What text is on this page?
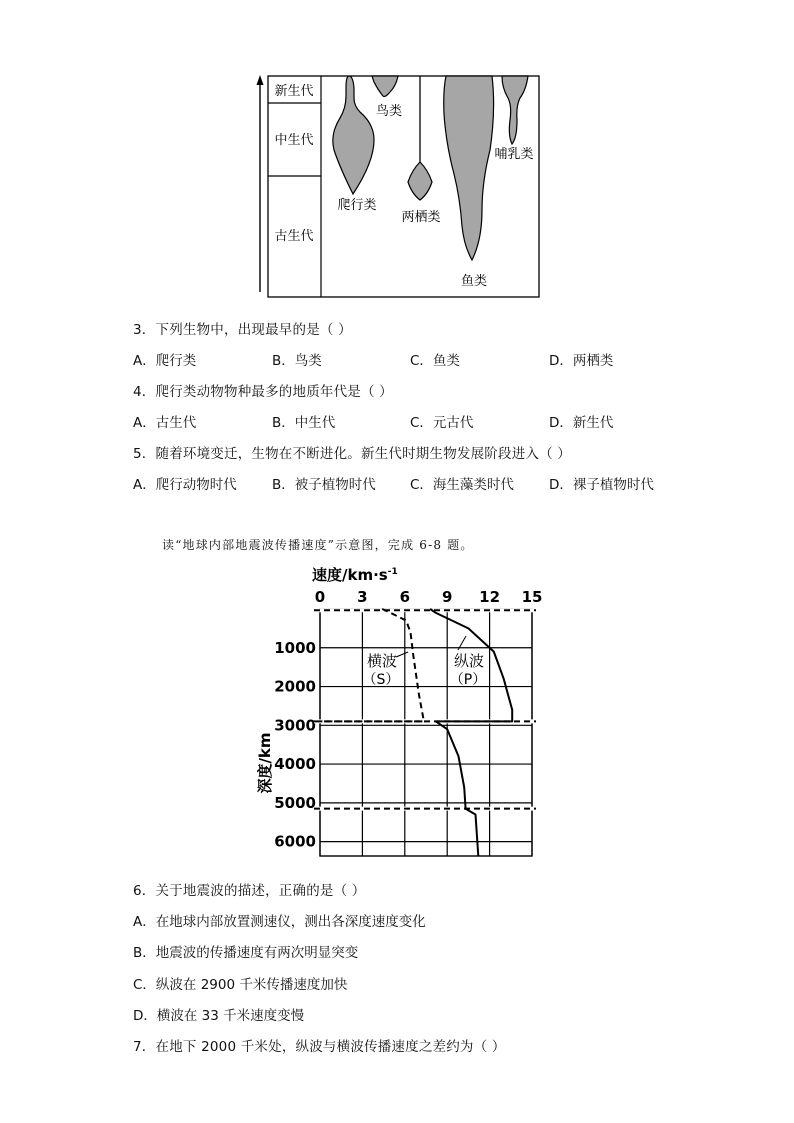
新生代
中生代
古生代
鸟类
哺乳类
爬行类
两栖类
鱼类
3．下列生物中，出现最早的是（ ）
A．爬行类	B．鸟类	C．鱼类	D．两栖类
4．爬行类动物物种最多的地质年代是（ ）
A．古生代	B．中生代	C．元古代	D．新生代
5．随着环境变迁，生物在不断进化。新生代时期生物发展阶段进入（ ）
A．爬行动物时代	B．被子植物时代	C．海生藻类时代	D．裸子植物时代
读“地球内部地震波传播速度”示意图，完成 6-8 题。
速度$/km\cdot s^{-1}$
深度/km
0 3 6 9 12 15
1000
2000
3000
4000
5000
6000
横波
（S）
纵波
（P）
6．关于地震波的描述，正确的是（ ）
A．在地球内部放置测速仪，测出各深度速度变化
B．地震波的传播速度有两次明显突变
C．纵波在 2900 千米传播速度加快
D．横波在 33 千米速度变慢
7．在地下 2000 千米处，纵波与横波传播速度之差约为（ ）
